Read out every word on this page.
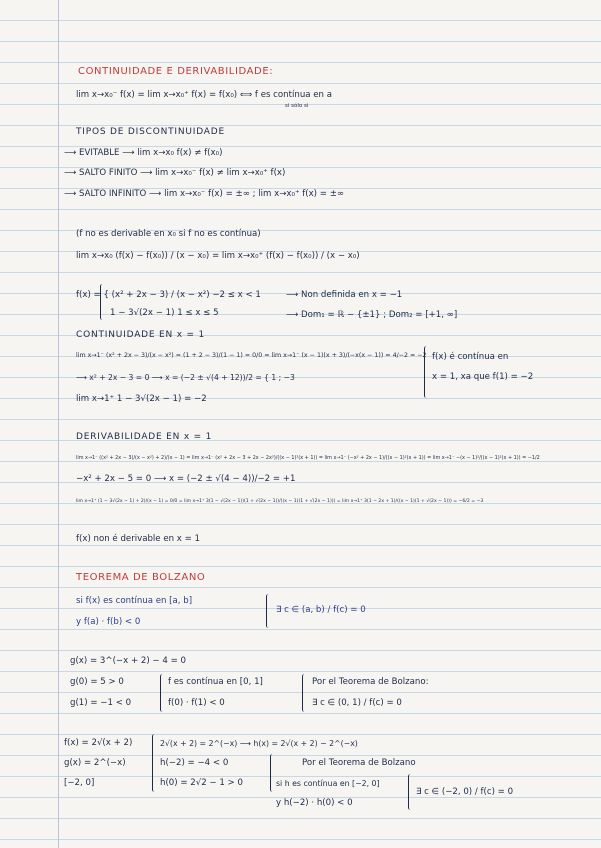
CONTINUIDADE E DERIVABILIDADE:
lim x→x₀⁻ f(x) = lim x→x₀⁺ f(x) = f(x₀) ⟺ f es contínua en a
si sólo si
TIPOS DE DISCONTINUIDADE
⟶ EVITABLE ⟶ lim x→x₀ f(x) ≠ f(x₀)
⟶ SALTO FINITO ⟶ lim x→x₀⁻ f(x) ≠ lim x→x₀⁺ f(x)
⟶ SALTO INFINITO ⟶ lim x→x₀⁻ f(x) = ±∞ ; lim x→x₀⁺ f(x) = ±∞
(f no es derivable en x₀ si f no es contínua)
lim x→x₀ (f(x) − f(x₀)) / (x − x₀) = lim x→x₀⁺ (f(x) − f(x₀)) / (x − x₀)
f(x) = { (x² + 2x − 3) / (x − x²) −2 ≤ x < 1
1 − 3√(2x − 1) 1 ≤ x ≤ 5
⟶ Non definida en x = −1
⟶ Dom₁ = ℝ − {±1} ; Dom₂ = [+1, ∞]
CONTINUIDADE EN x = 1
lim x→1⁻ (x² + 2x − 3)/(x − x²) = (1 + 2 − 3)/(1 − 1) = 0/0 = lim x→1⁻ (x − 1)(x + 3)/(−x(x − 1)) = 4/−2 = −2
⟶ x² + 2x − 3 = 0 ⟶ x = (−2 ± √(4 + 12))/2 = { 1 ; −3
lim x→1⁺ 1 − 3√(2x − 1) = −2
f(x) é contínua en
x = 1, xa que f(1) = −2
DERIVABILIDADE EN x = 1
lim x→1⁻ ((x² + 2x − 3)/(x − x²) + 2)/(x − 1) = lim x→1⁻ (x² + 2x − 3 + 2x − 2x²)/((x − 1)²(x + 1)) = lim x→1⁻ (−x² + 2x − 1)/((x − 1)²(x + 1)) = lim x→1⁻ −(x − 1)²/((x − 1)²(x + 1)) = −1/2
−x² + 2x − 5 = 0 ⟶ x = (−2 ± √(4 − 4))/−2 = +1
lim x→1⁺ (1 − 3√(2x − 1) + 2)/(x − 1) = 0/0 = lim x→1⁺ 3(1 − √(2x − 1))(1 + √(2x − 1))/((x − 1)(1 + √(2x − 1))) = lim x→1⁺ 3(1 − 2x + 1)/((x − 1)(1 + √(2x − 1))) = −6/2 = −3
f(x) non é derivable en x = 1
TEOREMA DE BOLZANO
si f(x) es contínua en [a, b]
y f(a) · f(b) < 0
∃ c ∈ (a, b) / f(c) = 0
g(x) = 3^(−x + 2) − 4 = 0
g(0) = 5 > 0
g(1) = −1 < 0
f es contínua en [0, 1]
f(0) · f(1) < 0
Por el Teorema de Bolzano:
∃ c ∈ (0, 1) / f(c) = 0
f(x) = 2√(x + 2)
g(x) = 2^(−x)
[−2, 0]
2√(x + 2) = 2^(−x) ⟶ h(x) = 2√(x + 2) − 2^(−x)
h(−2) = −4 < 0
h(0) = 2√2 − 1 > 0
Por el Teorema de Bolzano
si h es contínua en [−2, 0]
y h(−2) · h(0) < 0
∃ c ∈ (−2, 0) / f(c) = 0
